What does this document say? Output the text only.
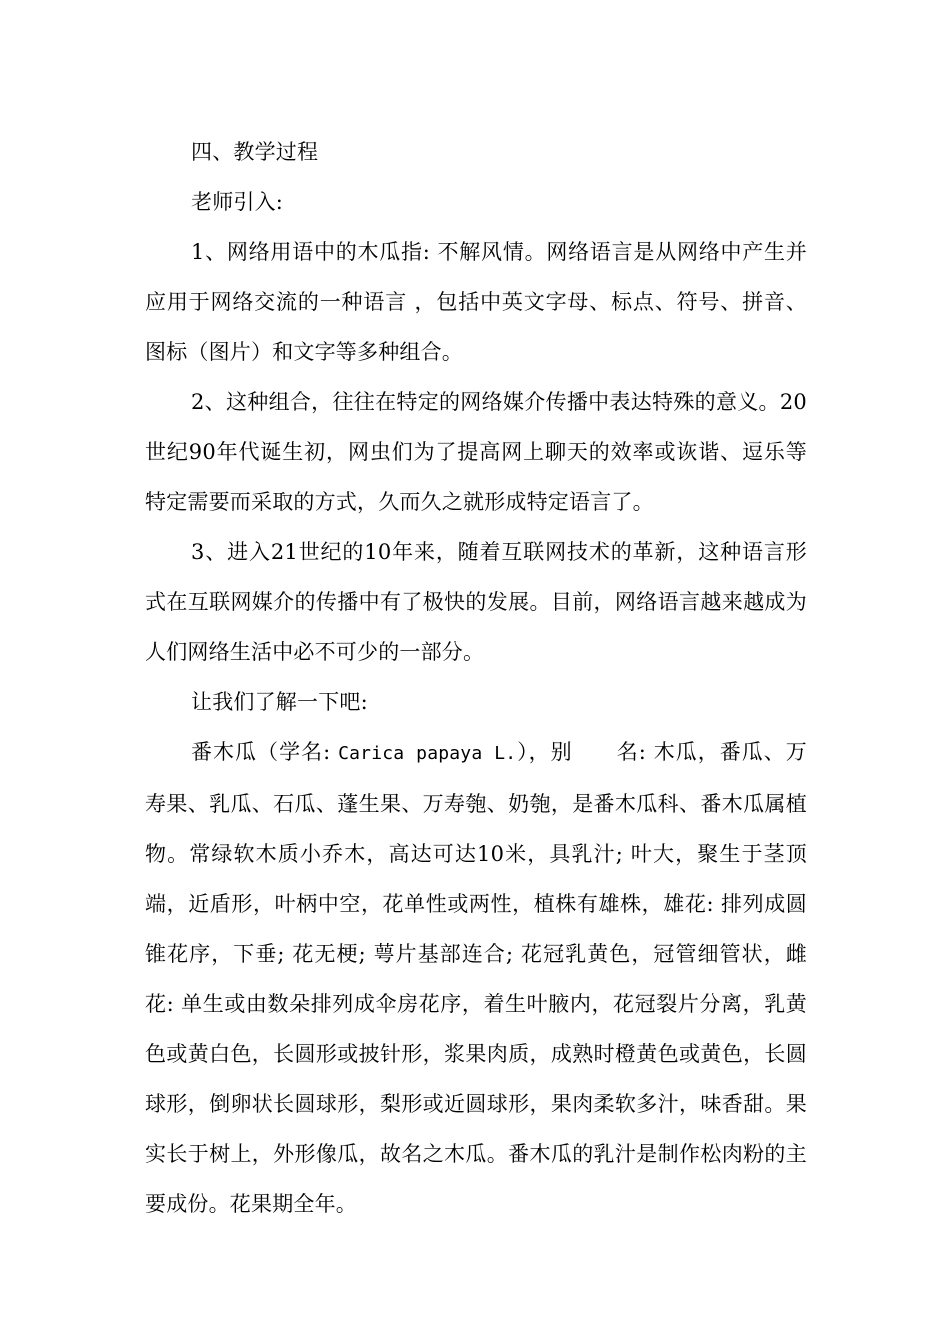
四、教学过程

老师引入:

1、网络用语中的木瓜指: 不解风情。网络语言是从网络中产生并应用于网络交流的一种语言 ，包括中英文字母、标点、符号、拼音、图标（图片）和文字等多种组合。

2、这种组合，往往在特定的网络媒介传播中表达特殊的意义。20世纪90年代诞生初，网虫们为了提高网上聊天的效率或诙谐、逗乐等特定需要而采取的方式，久而久之就形成特定语言了。

3、进入21世纪的10年来，随着互联网技术的革新，这种语言形式在互联网媒介的传播中有了极快的发展。目前，网络语言越来越成为人们网络生活中必不可少的一部分。

让我们了解一下吧:

番木瓜（学名: Carica papaya L.），别　　名: 木瓜，番瓜、万寿果、乳瓜、石瓜、蓬生果、万寿匏、奶匏，是番木瓜科、番木瓜属植物。常绿软木质小乔木，高达可达10米，具乳汁; 叶大，聚生于茎顶端，近盾形，叶柄中空，花单性或两性，植株有雄株，雄花: 排列成圆锥花序，下垂; 花无梗; 萼片基部连合; 花冠乳黄色，冠管细管状，雌花: 单生或由数朵排列成伞房花序，着生叶腋内，花冠裂片分离，乳黄色或黄白色，长圆形或披针形，浆果肉质，成熟时橙黄色或黄色，长圆球形，倒卵状长圆球形，梨形或近圆球形，果肉柔软多汁，味香甜。果实长于树上，外形像瓜，故名之木瓜。番木瓜的乳汁是制作松肉粉的主要成份。花果期全年。
